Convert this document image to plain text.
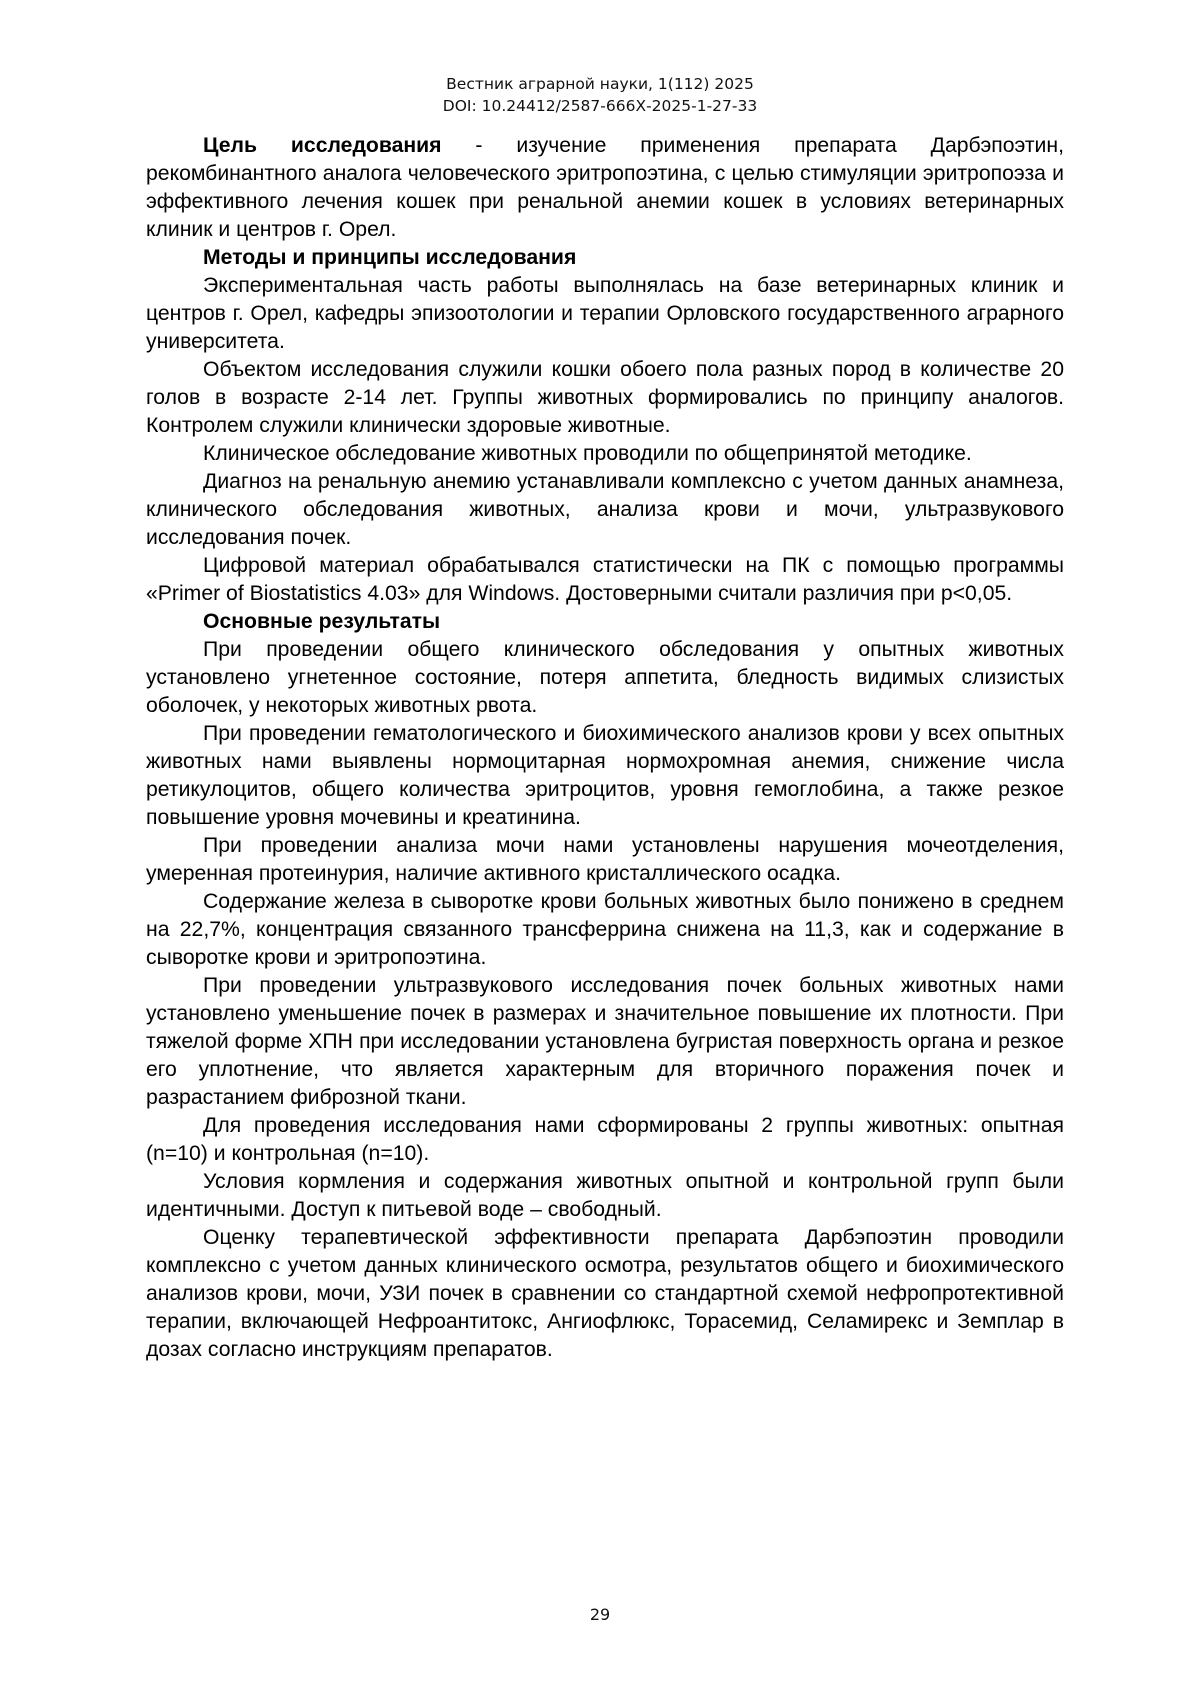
Вестник аграрной науки, 1(112) 2025
DOI: 10.24412/2587-666Х-2025-1-27-33

Цель исследования - изучение применения препарата Дарбэпоэтин, рекомбинантного аналога человеческого эритропоэтина, с целью стимуляции эритропоэза и эффективного лечения кошек при ренальной анемии кошек в условиях ветеринарных клиник и центров г. Орел.

Методы и принципы исследования

Экспериментальная часть работы выполнялась на базе ветеринарных клиник и центров г. Орел, кафедры эпизоотологии и терапии Орловского государственного аграрного университета.

Объектом исследования служили кошки обоего пола разных пород в количестве 20 голов в возрасте 2-14 лет. Группы животных формировались по принципу аналогов. Контролем служили клинически здоровые животные.

Клиническое обследование животных проводили по общепринятой методике.

Диагноз на ренальную анемию устанавливали комплексно с учетом данных анамнеза, клинического обследования животных, анализа крови и мочи, ультразвукового исследования почек.

Цифровой материал обрабатывался статистически на ПК с помощью программы «Primer of Biostatistics 4.03» для Windows. Достоверными считали различия при p<0,05.

Основные результаты

При проведении общего клинического обследования у опытных животных установлено угнетенное состояние, потеря аппетита, бледность видимых слизистых оболочек, у некоторых животных рвота.

При проведении гематологического и биохимического анализов крови у всех опытных животных нами выявлены нормоцитарная нормохромная анемия, снижение числа ретикулоцитов, общего количества эритроцитов, уровня гемоглобина, а также резкое повышение уровня мочевины и креатинина.

При проведении анализа мочи нами установлены нарушения мочеотделения, умеренная протеинурия, наличие активного кристаллического осадка.

Содержание железа в сыворотке крови больных животных было понижено в среднем на 22,7%, концентрация связанного трансферрина снижена на 11,3, как и содержание в сыворотке крови и эритропоэтина.

При проведении ультразвукового исследования почек больных животных нами установлено уменьшение почек в размерах и значительное повышение их плотности. При тяжелой форме ХПН при исследовании установлена бугристая поверхность органа и резкое его уплотнение, что является характерным для вторичного поражения почек и разрастанием фиброзной ткани.

Для проведения исследования нами сформированы 2 группы животных: опытная (n=10) и контрольная (n=10).

Условия кормления и содержания животных опытной и контрольной групп были идентичными. Доступ к питьевой воде – свободный.

Оценку терапевтической эффективности препарата Дарбэпоэтин проводили комплексно с учетом данных клинического осмотра, результатов общего и биохимического анализов крови, мочи, УЗИ почек в сравнении со стандартной схемой нефропротективной терапии, включающей Нефроантитокс, Ангиофлюкс, Торасемид, Селамирекс и Земплар в дозах согласно инструкциям препаратов.

29
